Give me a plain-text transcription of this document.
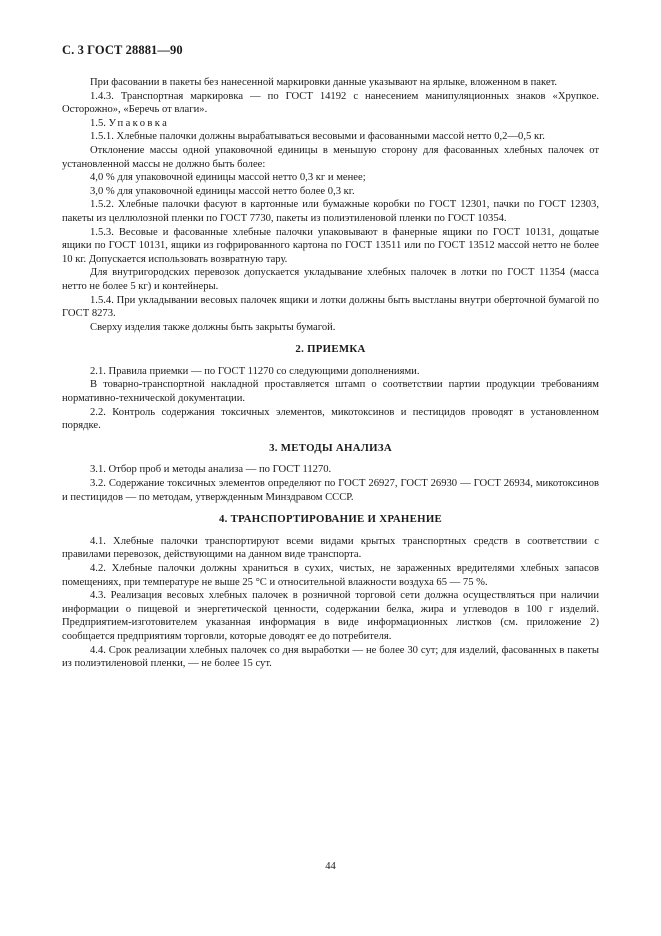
С. 3 ГОСТ 28881—90

При фасовании в пакеты без нанесенной маркировки данные указывают на ярлыке, вложенном в пакет.

1.4.3. Транспортная маркировка — по ГОСТ 14192 с нанесением манипуляционных знаков «Хрупкое. Осторожно», «Беречь от влаги».

1.5. Упаковка

1.5.1. Хлебные палочки должны вырабатываться весовыми и фасованными массой нетто 0,2—0,5 кг.

Отклонение массы одной упаковочной единицы в меньшую сторону для фасованных хлебных палочек от установленной массы не должно быть более:

4,0 % для упаковочной единицы массой нетто 0,3 кг и менее;

3,0 % для упаковочной единицы массой нетто более 0,3 кг.

1.5.2. Хлебные палочки фасуют в картонные или бумажные коробки по ГОСТ 12301, пачки по ГОСТ 12303, пакеты из целлюлозной пленки по ГОСТ 7730, пакеты из полиэтиленовой пленки по ГОСТ 10354.

1.5.3. Весовые и фасованные хлебные палочки упаковывают в фанерные ящики по ГОСТ 10131, дощатые ящики по ГОСТ 10131, ящики из гофрированного картона по ГОСТ 13511 или по ГОСТ 13512 массой нетто не более 10 кг. Допускается использовать возвратную тару.

Для внутригородских перевозок допускается укладывание хлебных палочек в лотки по ГОСТ 11354 (масса нетто не более 5 кг) и контейнеры.

1.5.4. При укладывании весовых палочек ящики и лотки должны быть выстланы внутри оберточной бумагой по ГОСТ 8273.

Сверху изделия также должны быть закрыты бумагой.

2. ПРИЕМКА

2.1. Правила приемки — по ГОСТ 11270 со следующими дополнениями.

В товарно-транспортной накладной проставляется штамп о соответствии партии продукции требованиям нормативно-технической документации.

2.2. Контроль содержания токсичных элементов, микотоксинов и пестицидов проводят в установленном порядке.

3. МЕТОДЫ АНАЛИЗА

3.1. Отбор проб и методы анализа — по ГОСТ 11270.

3.2. Содержание токсичных элементов определяют по ГОСТ 26927, ГОСТ 26930 — ГОСТ 26934, микотоксинов и пестицидов — по методам, утвержденным Минздравом СССР.

4. ТРАНСПОРТИРОВАНИЕ И ХРАНЕНИЕ

4.1. Хлебные палочки транспортируют всеми видами крытых транспортных средств в соответствии с правилами перевозок, действующими на данном виде транспорта.

4.2. Хлебные палочки должны храниться в сухих, чистых, не зараженных вредителями хлебных запасов помещениях, при температуре не выше 25 °С и относительной влажности воздуха 65 — 75 %.

4.3. Реализация весовых хлебных палочек в розничной торговой сети должна осуществляться при наличии информации о пищевой и энергетической ценности, содержании белка, жира и углеводов в 100 г изделий. Предприятием-изготовителем указанная информация в виде информационных листков (см. приложение 2) сообщается предприятиям торговли, которые доводят ее до потребителя.

4.4. Срок реализации хлебных палочек со дня выработки — не более 30 сут; для изделий, фасованных в пакеты из полиэтиленовой пленки, — не более 15 сут.

44
